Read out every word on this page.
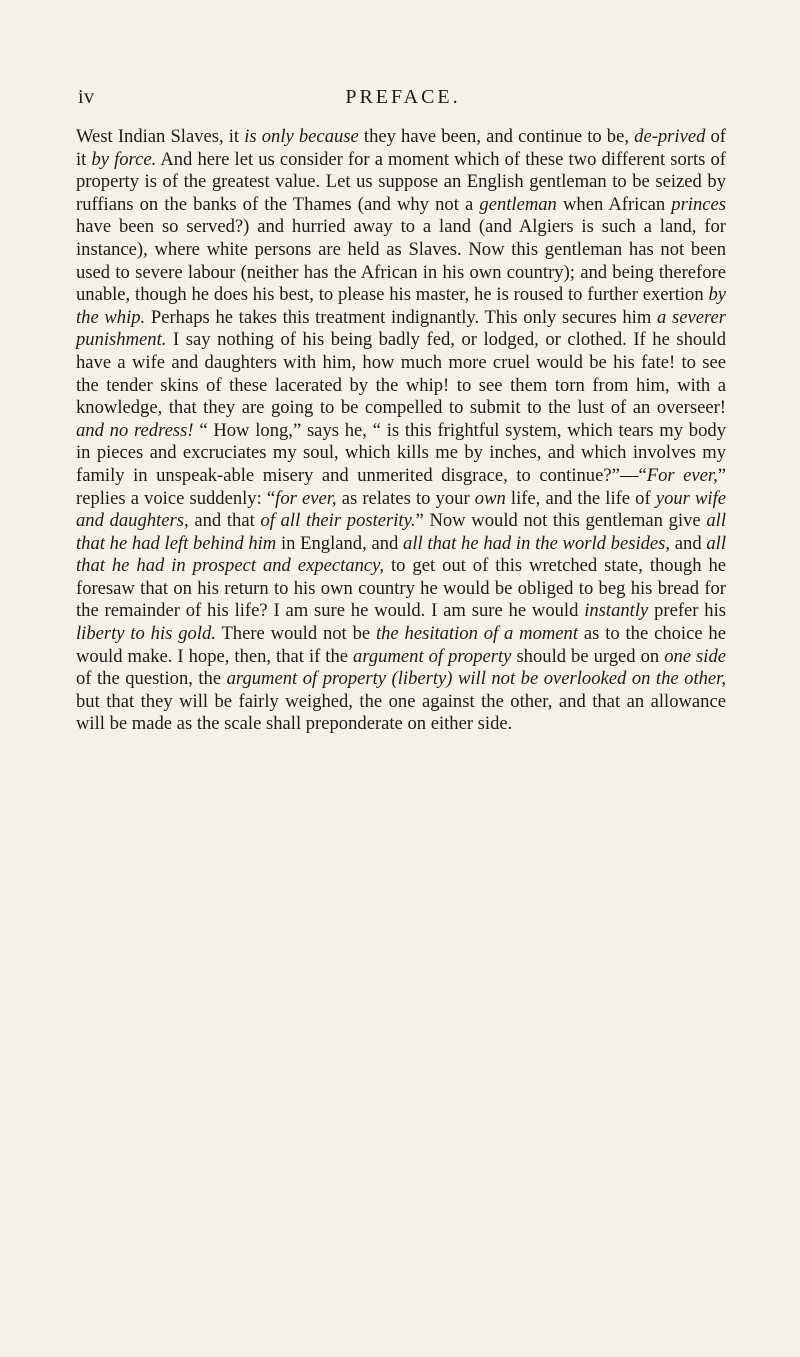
iv	PREFACE.

West Indian Slaves, it is only because they have been, and continue to be, de-prived of it by force. And here let us consider for a moment which of these two different sorts of property is of the greatest value. Let us suppose an English gentleman to be seized by ruffians on the banks of the Thames (and why not a gentleman when African princes have been so served?) and hurried away to a land (and Algiers is such a land, for instance), where white persons are held as Slaves. Now this gentleman has not been used to severe labour (neither has the African in his own country); and being therefore unable, though he does his best, to please his master, he is roused to further exertion by the whip. Perhaps he takes this treatment indignantly. This only secures him a severer punishment. I say nothing of his being badly fed, or lodged, or clothed. If he should have a wife and daughters with him, how much more cruel would be his fate! to see the tender skins of these lacerated by the whip! to see them torn from him, with a knowledge, that they are going to be compelled to submit to the lust of an overseer! and no redress! “ How long,” says he, “ is this frightful system, which tears my body in pieces and excruciates my soul, which kills me by inches, and which involves my family in unspeak-able misery and unmerited disgrace, to continue?”—“For ever,” replies a voice suddenly: “for ever, as relates to your own life, and the life of your wife and daughters, and that of all their posterity.” Now would not this gentleman give all that he had left behind him in England, and all that he had in the world besides, and all that he had in prospect and expectancy, to get out of this wretched state, though he foresaw that on his return to his own country he would be obliged to beg his bread for the remainder of his life? I am sure he would. I am sure he would instantly prefer his liberty to his gold. There would not be the hesitation of a moment as to the choice he would make. I hope, then, that if the argument of property should be urged on one side of the question, the argument of property (liberty) will not be overlooked on the other, but that they will be fairly weighed, the one against the other, and that an allowance will be made as the scale shall preponderate on either side.
